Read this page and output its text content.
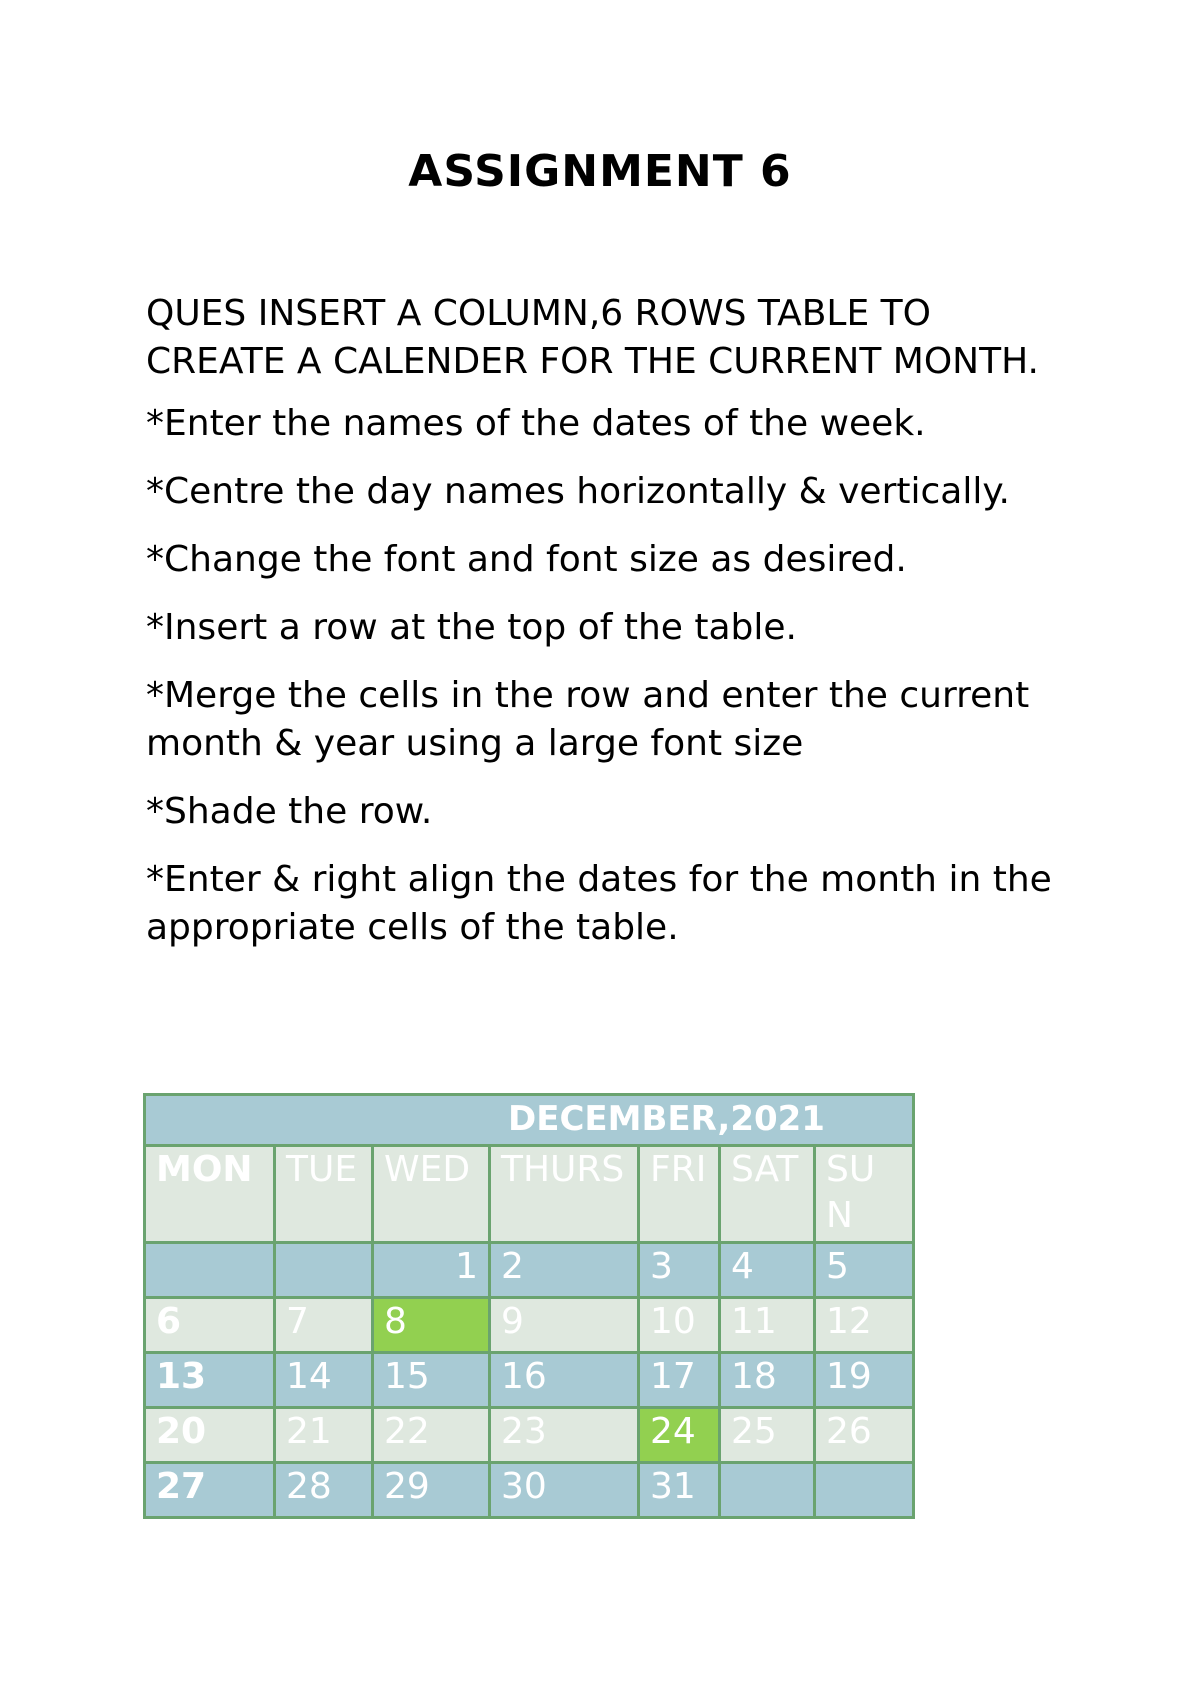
ASSIGNMENT 6

QUES INSERT A COLUMN,6 ROWS TABLE TO CREATE A CALENDER FOR THE CURRENT MONTH.

*Enter the names of the dates of the week.
*Centre the day names horizontally & vertically.
*Change the font and font size as desired.
*Insert a row at the top of the table.
*Merge the cells in the row and enter the current month & year using a large font size
*Shade the row.
*Enter & right align the dates for the month in the appropriate cells of the table.
DECEMBER,2021						
MON	TUE	WED	THURS	FRI	SAT	SUN
		1	2	3	4	5
6	7	8	9	10	11	12
13	14	15	16	17	18	19
20	21	22	23	24	25	26
27	28	29	30	31		
